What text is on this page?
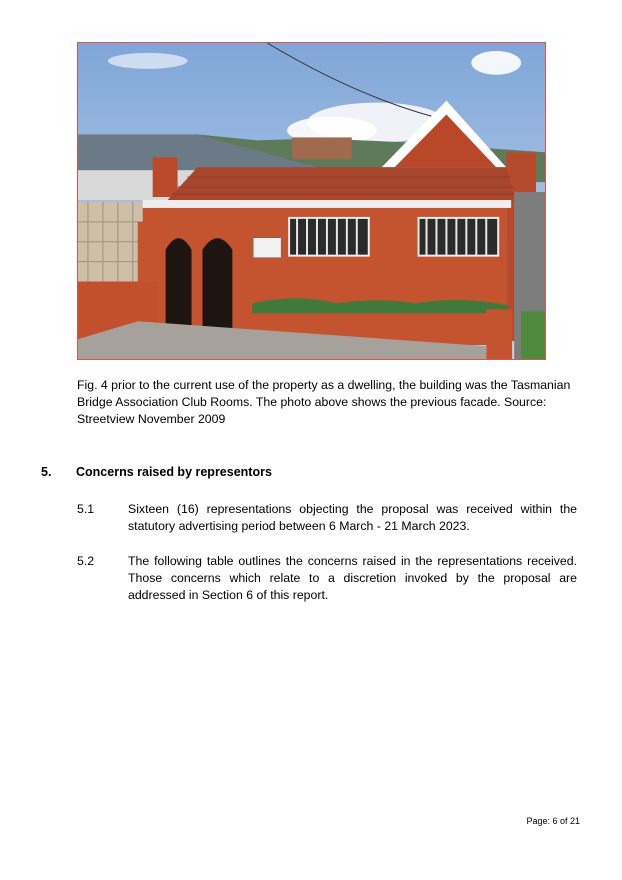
Fig. 4 prior to the current use of the property as a dwelling, the building was the Tasmanian Bridge Association Club Rooms. The photo above shows the previous facade. Source: Streetview November 2009

5. Concerns raised by representors
5.1	Sixteen (16) representations objecting the proposal was received within the statutory advertising period between 6 March - 21 March 2023.
5.2	The following table outlines the concerns raised in the representations received. Those concerns which relate to a discretion invoked by the proposal are addressed in Section 6 of this report.
Page: 6 of 21
